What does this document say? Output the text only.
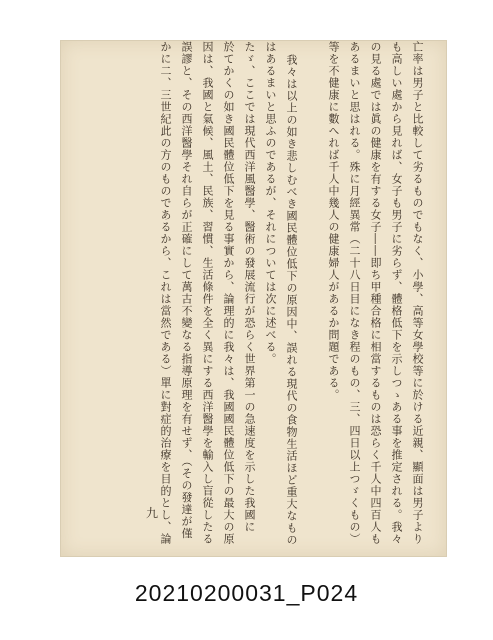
亡率は男子と比較して劣るものでもなく、小學、高等女學校等に於ける近親、顯面は男子より
も高しい處から見れば、女子も男子に劣らず、體格低下を示しつゝある事を推定される。我々
の見る處では眞の健康を有する女子――即ち甲種合格に相當するものは恐らく千人中四百人も
あるまいと思はれる。殊に月經異常（二十八日目になき程のもの、三、四日以上つゞくもの）
等を不健康に數へれば千人中幾人の健康婦人があるか問題である。
我々は以上の如き悲しむべき國民體位低下の原因中、誤れる現代の食物生活ほど重大なもの
はあるまいと思ふのであるが、それについては次に述べる。
たゞ、ここでは現代西洋風醫學、醫術の發展流行が恐らく世界第一の急速度を示した我國に
於てかくの如き國民體位低下を見る事實から、論理的に我々は、我國國民體位低下の最大の原
因は、我國と氣候、風土、民族、習慣、生活條件を全く異にする西洋醫學を輸入し盲從したる
誤謬と、その西洋醫學それ自らが正確にして萬古不變なる指導原理を有せず、（その發達が僅
かに二、三世紀此の方のものであるから、これは當然である）單に對症的治療を目的とし、論
九
20210200031_P024
